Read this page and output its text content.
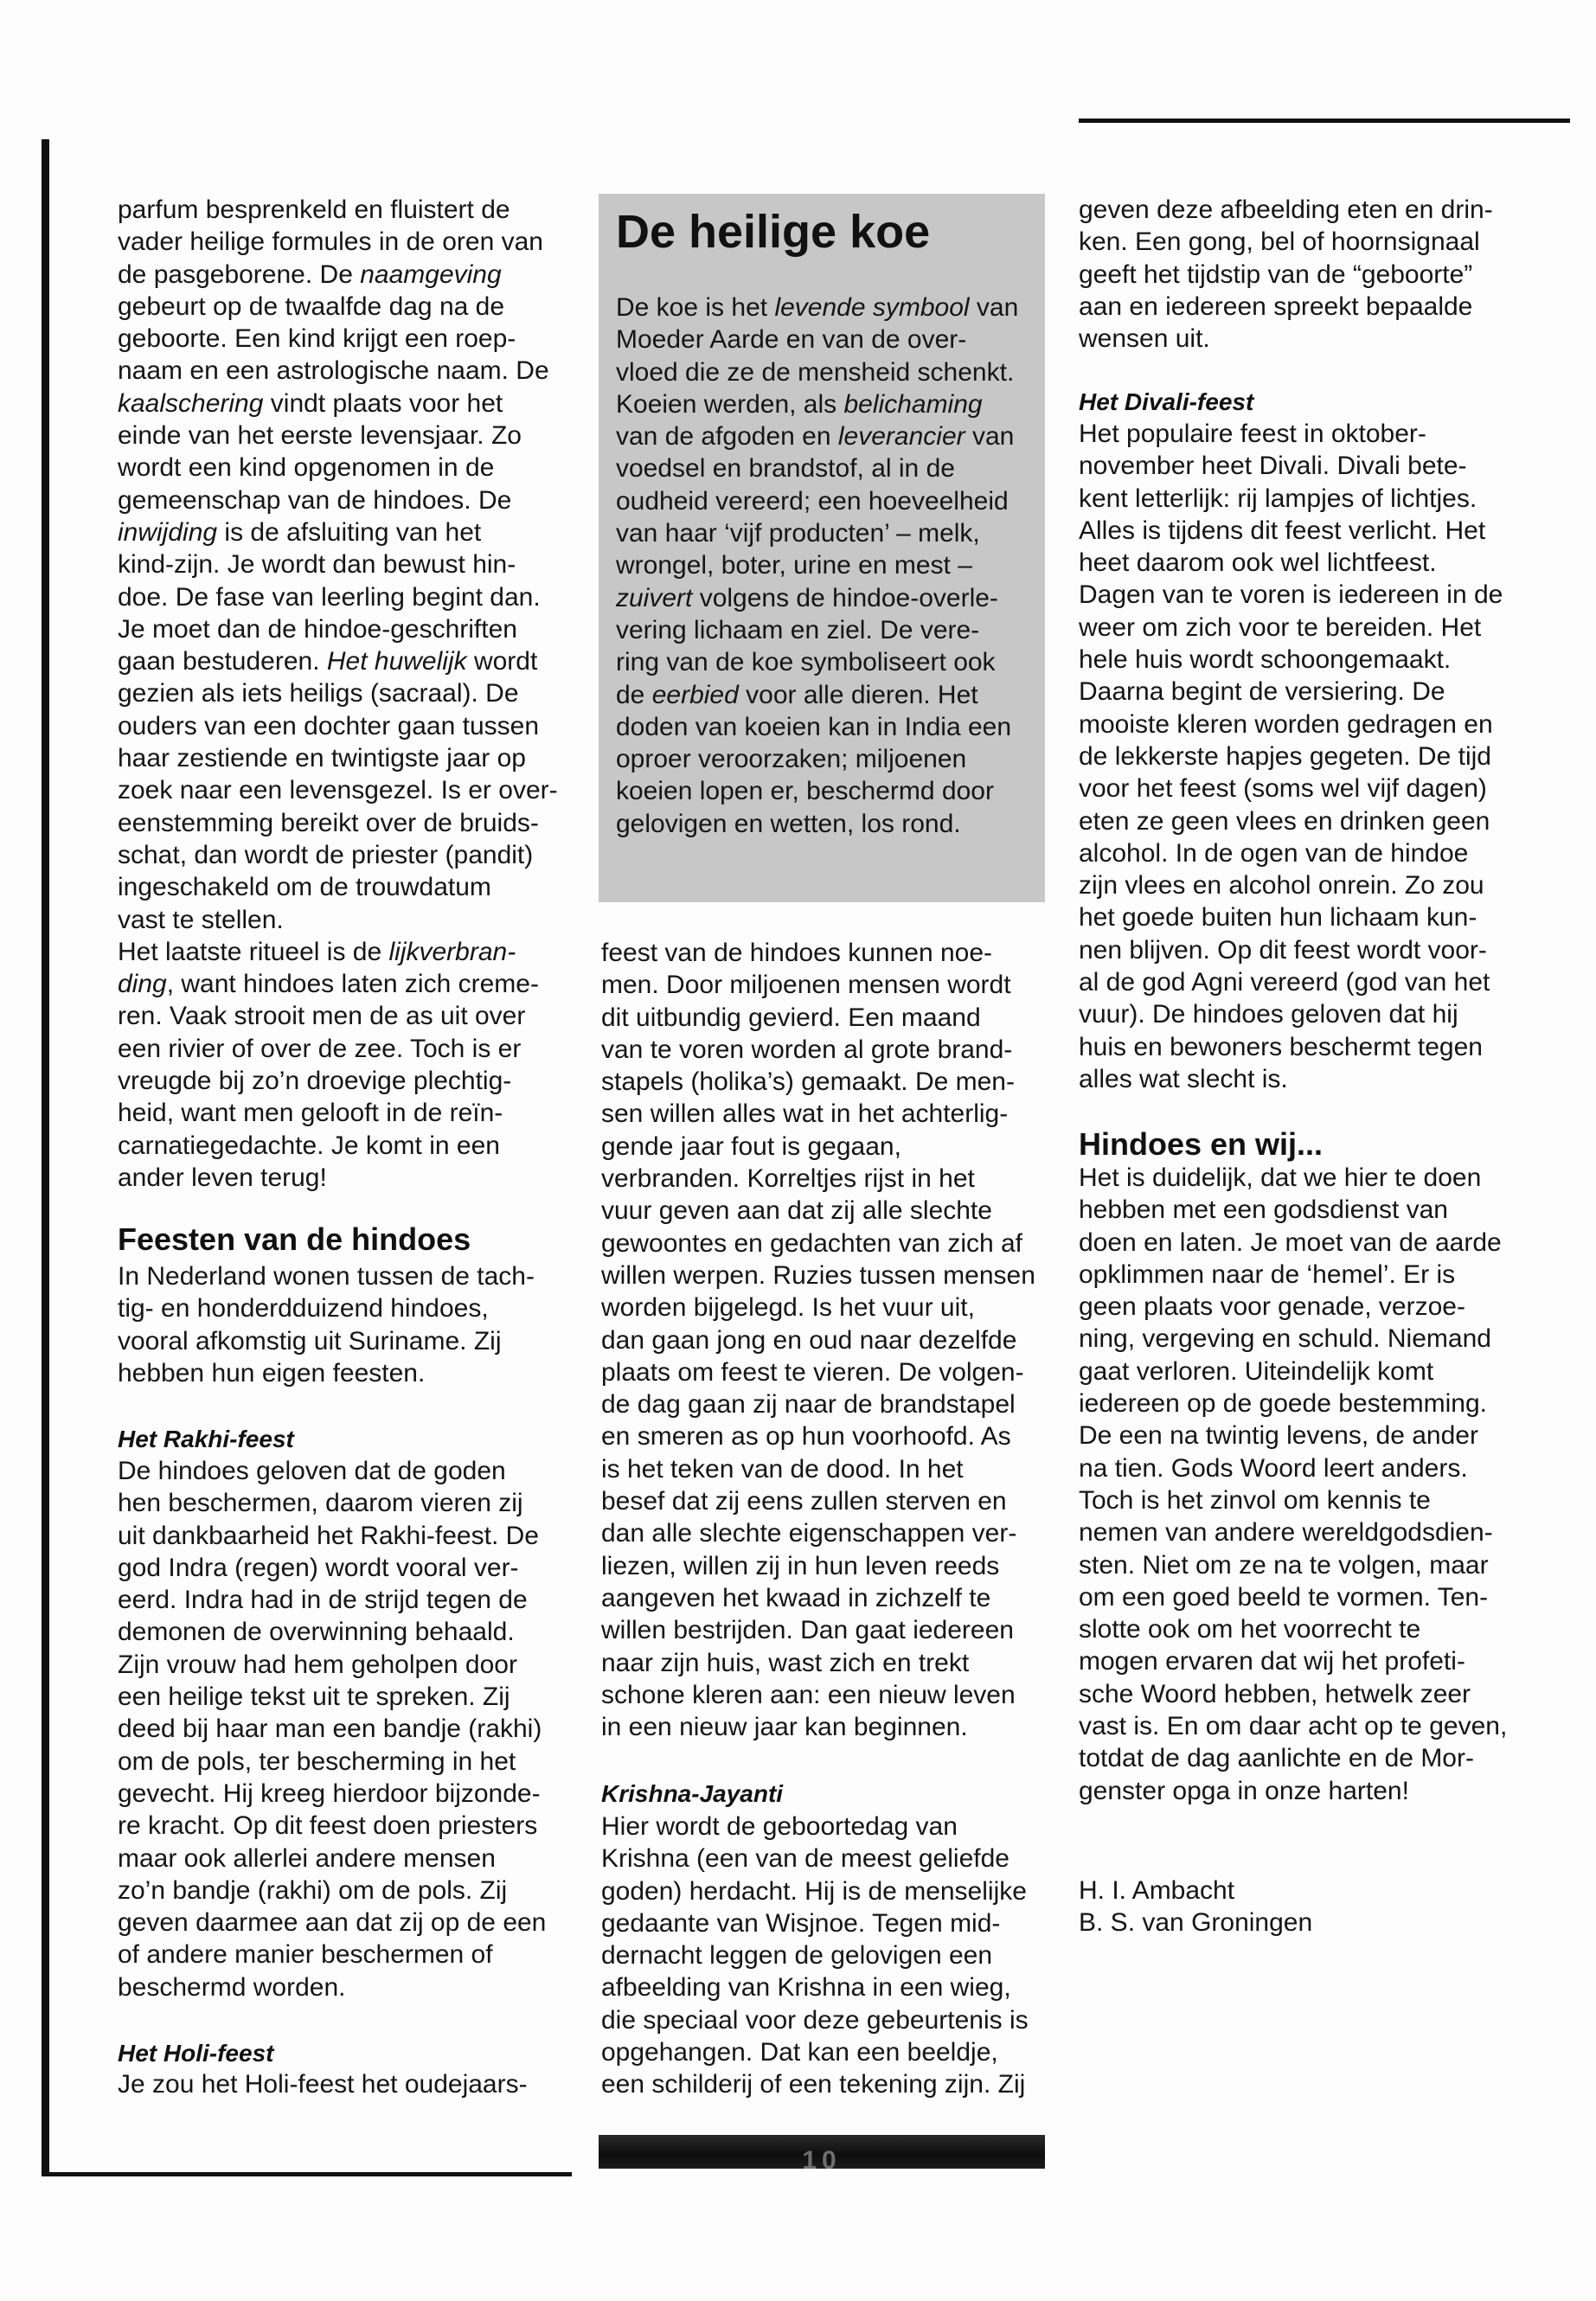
parfum besprenkeld en fluistert de
vader heilige formules in de oren van
de pasgeborene. De naamgeving
gebeurt op de twaalfde dag na de
geboorte. Een kind krijgt een roep-
naam en een astrologische naam. De
kaalschering vindt plaats voor het
einde van het eerste levensjaar. Zo
wordt een kind opgenomen in de
gemeenschap van de hindoes. De
inwijding is de afsluiting van het
kind-zijn. Je wordt dan bewust hin-
doe. De fase van leerling begint dan.
Je moet dan de hindoe-geschriften
gaan bestuderen. Het huwelijk wordt
gezien als iets heiligs (sacraal). De
ouders van een dochter gaan tussen
haar zestiende en twintigste jaar op
zoek naar een levensgezel. Is er over-
eenstemming bereikt over de bruids-
schat, dan wordt de priester (pandit)
ingeschakeld om de trouwdatum
vast te stellen.
Het laatste ritueel is de lijkverbran-
ding, want hindoes laten zich creme-
ren. Vaak strooit men de as uit over
een rivier of over de zee. Toch is er
vreugde bij zo’n droevige plechtig-
heid, want men gelooft in de reïn-
carnatiegedachte. Je komt in een
ander leven terug!
Feesten van de hindoes
In Nederland wonen tussen de tach-
tig- en honderdduizend hindoes,
vooral afkomstig uit Suriname. Zij
hebben hun eigen feesten.
Het Rakhi-feest
De hindoes geloven dat de goden
hen beschermen, daarom vieren zij
uit dankbaarheid het Rakhi-feest. De
god Indra (regen) wordt vooral ver-
eerd. Indra had in de strijd tegen de
demonen de overwinning behaald.
Zijn vrouw had hem geholpen door
een heilige tekst uit te spreken. Zij
deed bij haar man een bandje (rakhi)
om de pols, ter bescherming in het
gevecht. Hij kreeg hierdoor bijzonde-
re kracht. Op dit feest doen priesters
maar ook allerlei andere mensen
zo’n bandje (rakhi) om de pols. Zij
geven daarmee aan dat zij op de een
of andere manier beschermen of
beschermd worden.
Het Holi-feest
Je zou het Holi-feest het oudejaars-
De heilige koe
De koe is het levende symbool van
Moeder Aarde en van de over-
vloed die ze de mensheid schenkt.
Koeien werden, als belichaming
van de afgoden en leverancier van
voedsel en brandstof, al in de
oudheid vereerd; een hoeveelheid
van haar ‘vijf producten’ – melk,
wrongel, boter, urine en mest –
zuivert volgens de hindoe-overle-
vering lichaam en ziel. De vere-
ring van de koe symboliseert ook
de eerbied voor alle dieren. Het
doden van koeien kan in India een
oproer veroorzaken; miljoenen
koeien lopen er, beschermd door
gelovigen en wetten, los rond.
feest van de hindoes kunnen noe-
men. Door miljoenen mensen wordt
dit uitbundig gevierd. Een maand
van te voren worden al grote brand-
stapels (holika’s) gemaakt. De men-
sen willen alles wat in het achterlig-
gende jaar fout is gegaan,
verbranden. Korreltjes rijst in het
vuur geven aan dat zij alle slechte
gewoontes en gedachten van zich af
willen werpen. Ruzies tussen mensen
worden bijgelegd. Is het vuur uit,
dan gaan jong en oud naar dezelfde
plaats om feest te vieren. De volgen-
de dag gaan zij naar de brandstapel
en smeren as op hun voorhoofd. As
is het teken van de dood. In het
besef dat zij eens zullen sterven en
dan alle slechte eigenschappen ver-
liezen, willen zij in hun leven reeds
aangeven het kwaad in zichzelf te
willen bestrijden. Dan gaat iedereen
naar zijn huis, wast zich en trekt
schone kleren aan: een nieuw leven
in een nieuw jaar kan beginnen.
Krishna-Jayanti
Hier wordt de geboortedag van
Krishna (een van de meest geliefde
goden) herdacht. Hij is de menselijke
gedaante van Wisjnoe. Tegen mid-
dernacht leggen de gelovigen een
afbeelding van Krishna in een wieg,
die speciaal voor deze gebeurtenis is
opgehangen. Dat kan een beeldje,
een schilderij of een tekening zijn. Zij
geven deze afbeelding eten en drin-
ken. Een gong, bel of hoornsignaal
geeft het tijdstip van de “geboorte”
aan en iedereen spreekt bepaalde
wensen uit.
Het Divali-feest
Het populaire feest in oktober-
november heet Divali. Divali bete-
kent letterlijk: rij lampjes of lichtjes.
Alles is tijdens dit feest verlicht. Het
heet daarom ook wel lichtfeest.
Dagen van te voren is iedereen in de
weer om zich voor te bereiden. Het
hele huis wordt schoongemaakt.
Daarna begint de versiering. De
mooiste kleren worden gedragen en
de lekkerste hapjes gegeten. De tijd
voor het feest (soms wel vijf dagen)
eten ze geen vlees en drinken geen
alcohol. In de ogen van de hindoe
zijn vlees en alcohol onrein. Zo zou
het goede buiten hun lichaam kun-
nen blijven. Op dit feest wordt voor-
al de god Agni vereerd (god van het
vuur). De hindoes geloven dat hij
huis en bewoners beschermt tegen
alles wat slecht is.
Hindoes en wij...
Het is duidelijk, dat we hier te doen
hebben met een godsdienst van
doen en laten. Je moet van de aarde
opklimmen naar de ‘hemel’. Er is
geen plaats voor genade, verzoe-
ning, vergeving en schuld. Niemand
gaat verloren. Uiteindelijk komt
iedereen op de goede bestemming.
De een na twintig levens, de ander
na tien. Gods Woord leert anders.
Toch is het zinvol om kennis te
nemen van andere wereldgodsdien-
sten. Niet om ze na te volgen, maar
om een goed beeld te vormen. Ten-
slotte ook om het voorrecht te
mogen ervaren dat wij het profeti-
sche Woord hebben, hetwelk zeer
vast is. En om daar acht op te geven,
totdat de dag aanlichte en de Mor-
genster opga in onze harten!
H. I. Ambacht
B. S. van Groningen
10
